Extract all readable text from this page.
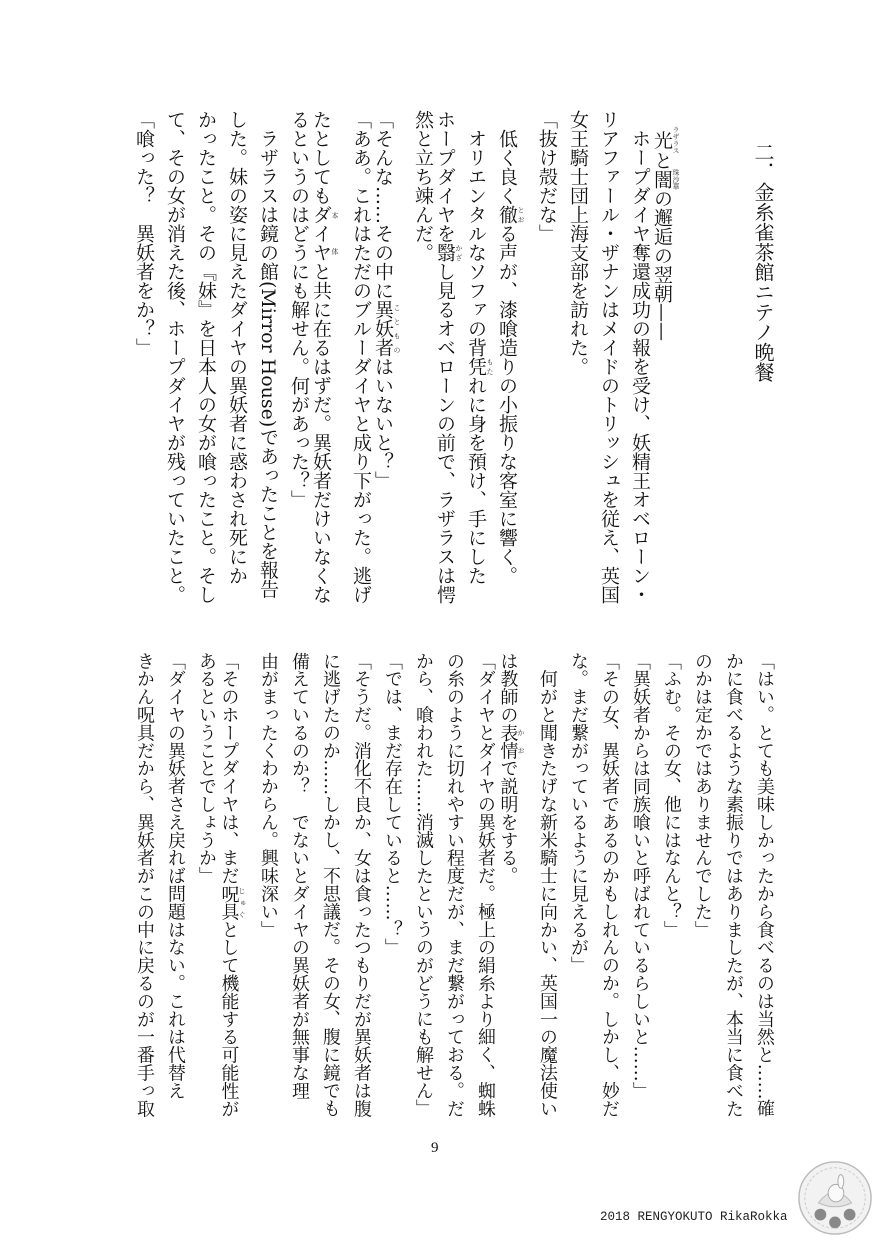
二．金糸雀茶館ニテノ晩餐
　光 ラザラスと闇 珠沙華の邂逅の翌朝——
　ホープダイヤ奪還成功の報を受け、妖精王オベローン・
リアファール・ザナンはメイドのトリッシュを従え、英国
女王騎士団上海支部を訪れた。
「抜け殻だな」
　低く良く徹 とおる声が、漆喰造りの小振りな客室に響く。
　オリエンタルなソファの背凭 もたれに身を預け、手にした
ホープダイヤを翳 かざし見るオベローンの前で、ラザラスは愕
然と立ち竦んだ。
「そんな……その中に異妖者 ことものはいないと？」
「ああ。これはただのブルーダイヤと成り下がった。逃げ
たとしてもダイヤ 本体と共に在るはずだ。異妖者だけいなくな
るというのはどうにも解せん。何があった？」
　ラザラスは鏡の館(Mirror House)であったことを報告
した。妹の姿に見えたダイヤの異妖者に惑わされ死にか
かったこと。その『妹』を日本人の女が喰ったこと。そし
て、その女が消えた後、ホープダイヤが残っていたこと。
「喰った？　異妖者をか？」
「はい。とても美味しかったから食べるのは当然と……確
かに食べるような素振りではありましたが、本当に食べた
のかは定かではありませんでした」
「ふむ。その女、他にはなんと？」
「異妖者からは同族喰いと呼ばれているらしいと……」
「その女、異妖者であるのかもしれんのか。しかし、妙だ
な。まだ繋がっているように見えるが」
　何がと聞きたげな新米騎士に向かい、英国一の魔法使い
は教師の表情かおで説明をする。
「ダイヤとダイヤの異妖者だ。極上の絹糸より細く、蜘蛛
の糸のように切れやすい程度だが、まだ繋がっておる。だ
から、喰われた……消滅したというのがどうにも解せん」
「では、まだ存在していると……？」
「そうだ。消化不良か、女は食ったつもりだが異妖者は腹
に逃げたのか……しかし、不思議だ。その女、腹に鏡でも
備えているのか？　でないとダイヤの異妖者が無事な理
由がまったくわからん。興味深い」
「そのホープダイヤは、まだ呪具じゅぐとして機能する可能性が
あるということでしょうか」
「ダイヤの異妖者さえ戻れば問題はない。これは代替え
きかん呪具だから、異妖者がこの中に戻るのが一番手っ取
9
2018 RENGYOKUTO RikaRokka
